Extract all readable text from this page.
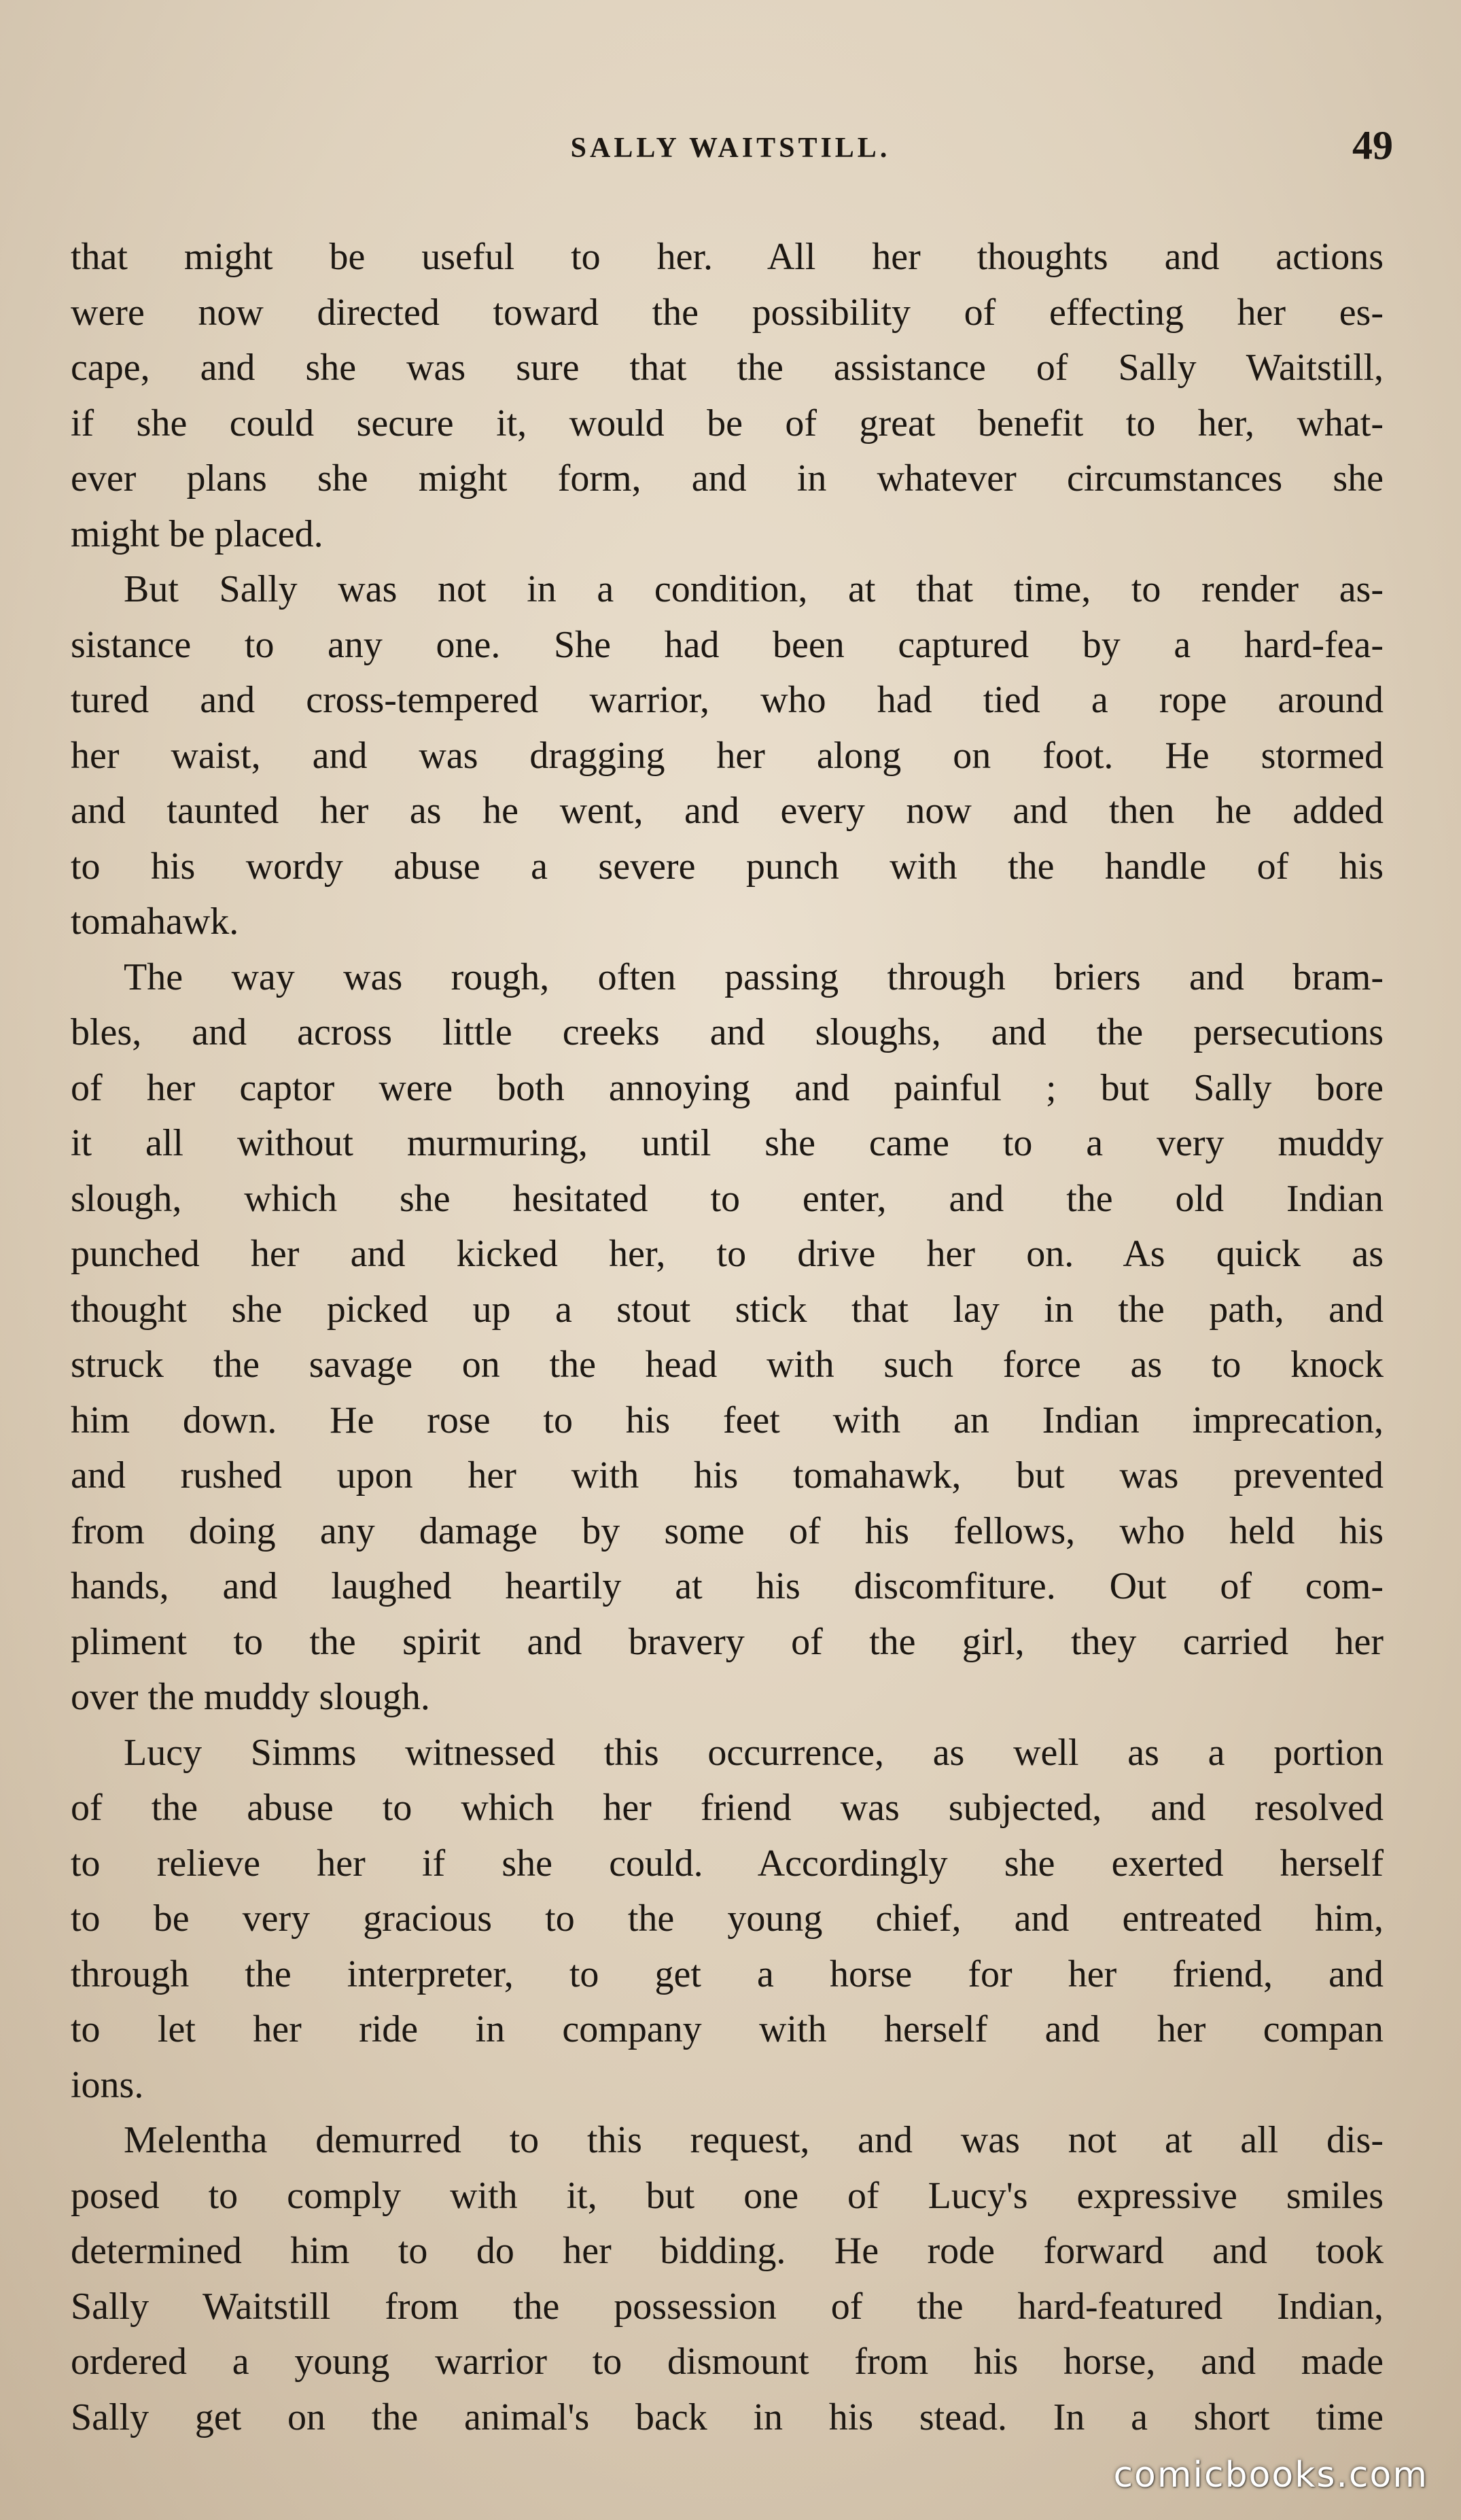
SALLY WAITSTILL.	49
that might be useful to her. All her thoughts and actions
were now directed toward the possibility of effecting her es-
cape, and she was sure that the assistance of Sally Waitstill,
if she could secure it, would be of great benefit to her, what-
ever plans she might form, and in whatever circumstances she
might be placed.
But Sally was not in a condition, at that time, to render as-
sistance to any one. She had been captured by a hard-fea-
tured and cross-tempered warrior, who had tied a rope around
her waist, and was dragging her along on foot. He stormed
and taunted her as he went, and every now and then he added
to his wordy abuse a severe punch with the handle of his
tomahawk.
The way was rough, often passing through briers and bram-
bles, and across little creeks and sloughs, and the persecutions
of her captor were both annoying and painful ; but Sally bore
it all without murmuring, until she came to a very muddy
slough, which she hesitated to enter, and the old Indian
punched her and kicked her, to drive her on. As quick as
thought she picked up a stout stick that lay in the path, and
struck the savage on the head with such force as to knock
him down. He rose to his feet with an Indian imprecation,
and rushed upon her with his tomahawk, but was prevented
from doing any damage by some of his fellows, who held his
hands, and laughed heartily at his discomfiture. Out of com-
pliment to the spirit and bravery of the girl, they carried her
over the muddy slough.
Lucy Simms witnessed this occurrence, as well as a portion
of the abuse to which her friend was subjected, and resolved
to relieve her if she could. Accordingly she exerted herself
to be very gracious to the young chief, and entreated him,
through the interpreter, to get a horse for her friend, and
to let her ride in company with herself and her compan
ions.
Melentha demurred to this request, and was not at all dis-
posed to comply with it, but one of Lucy's expressive smiles
determined him to do her bidding. He rode forward and took
Sally Waitstill from the possession of the hard-featured Indian,
ordered a young warrior to dismount from his horse, and made
Sally get on the animal's back in his stead. In a short time
comicbooks.com
